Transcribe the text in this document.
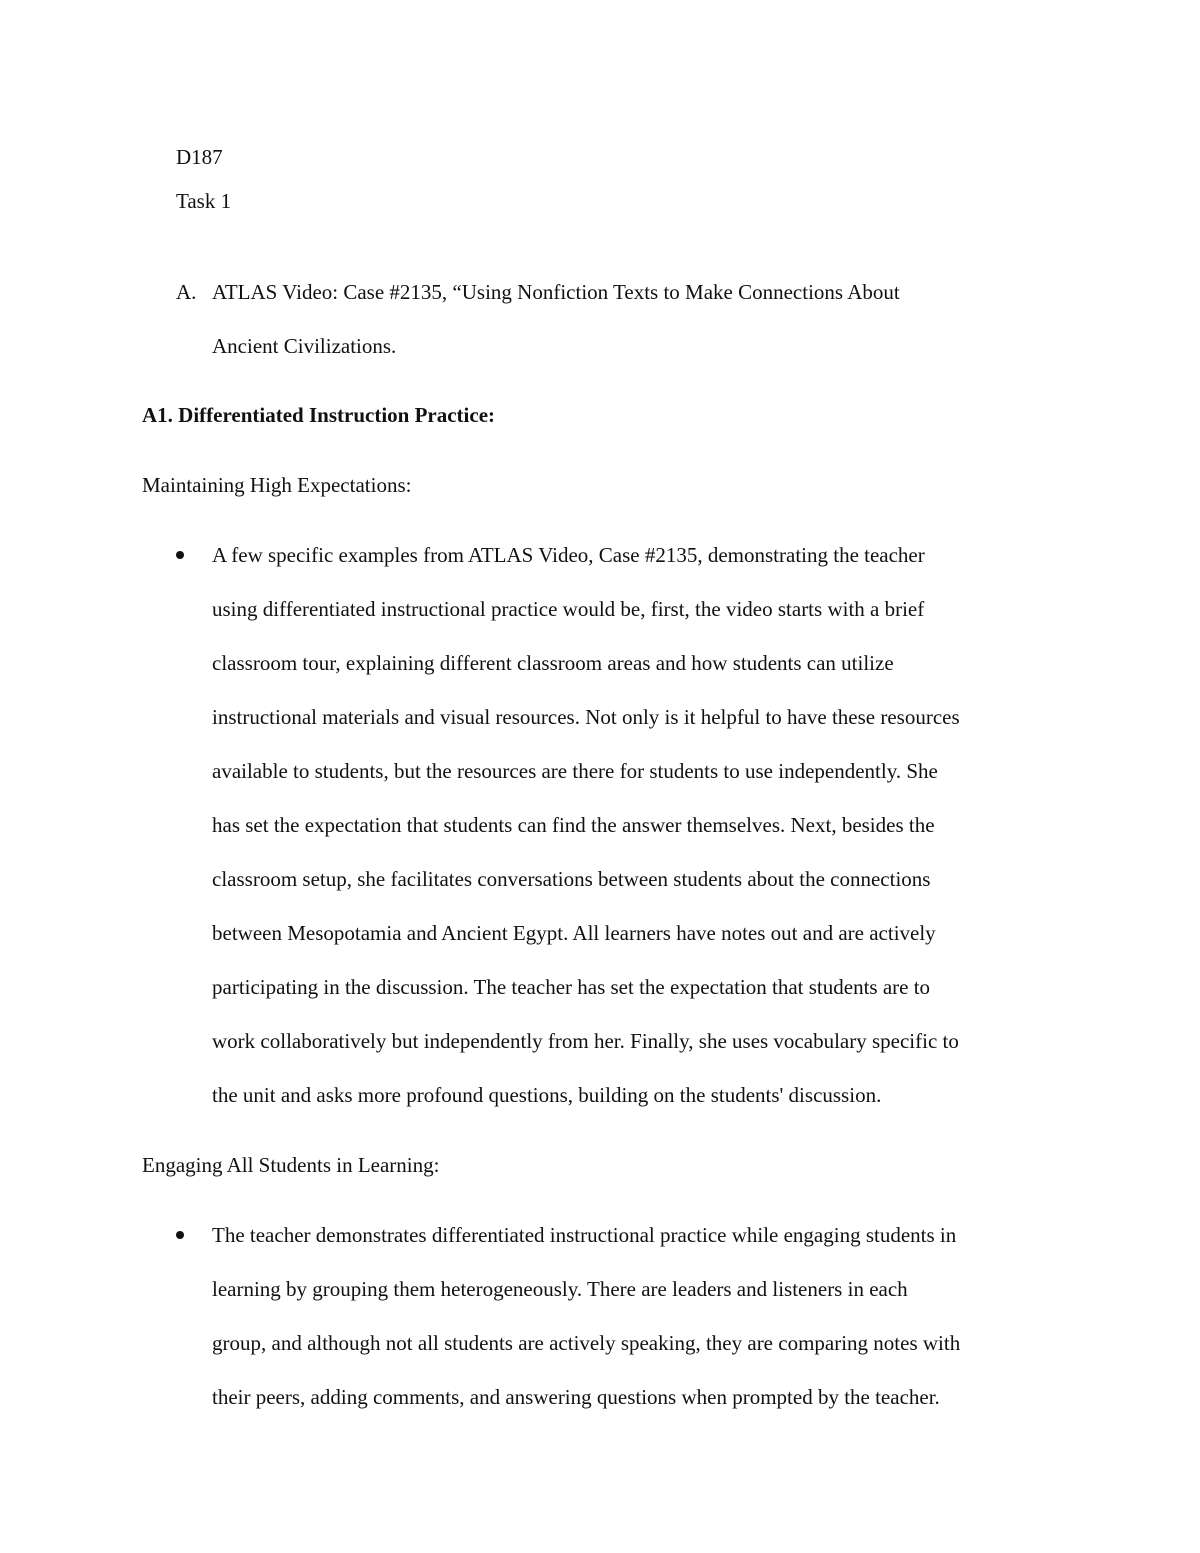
D187
Task 1
A. ATLAS Video: Case #2135, “Using Nonfiction Texts to Make Connections About
Ancient Civilizations.
A1. Differentiated Instruction Practice:
Maintaining High Expectations:
A few specific examples from ATLAS Video, Case #2135, demonstrating the teacher
using differentiated instructional practice would be, first, the video starts with a brief
classroom tour, explaining different classroom areas and how students can utilize
instructional materials and visual resources. Not only is it helpful to have these resources
available to students, but the resources are there for students to use independently. She
has set the expectation that students can find the answer themselves. Next, besides the
classroom setup, she facilitates conversations between students about the connections
between Mesopotamia and Ancient Egypt. All learners have notes out and are actively
participating in the discussion. The teacher has set the expectation that students are to
work collaboratively but independently from her. Finally, she uses vocabulary specific to
the unit and asks more profound questions, building on the students' discussion.
Engaging All Students in Learning:
The teacher demonstrates differentiated instructional practice while engaging students in
learning by grouping them heterogeneously. There are leaders and listeners in each
group, and although not all students are actively speaking, they are comparing notes with
their peers, adding comments, and answering questions when prompted by the teacher.
